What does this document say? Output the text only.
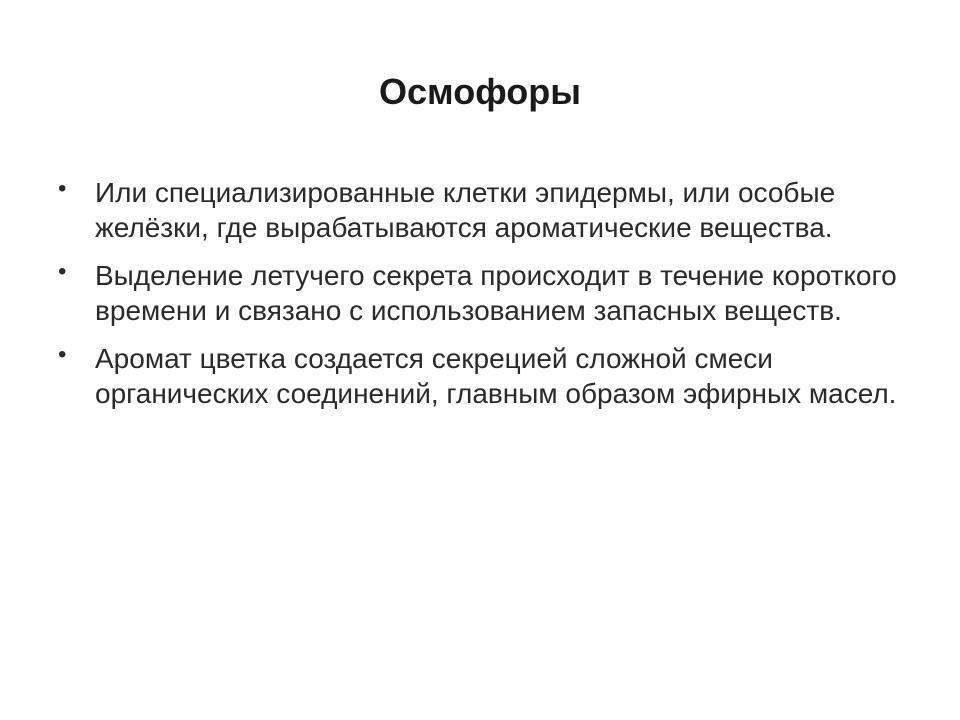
Осмофоры
• Или специализированные клетки эпидермы, или особые желёзки, где вырабатываются ароматические вещества.
• Выделение летучего секрета происходит в течение короткого времени и связано с использованием запасных веществ.
• Аромат цветка создается секрецией сложной смеси органических соединений, главным образом эфирных масел.
